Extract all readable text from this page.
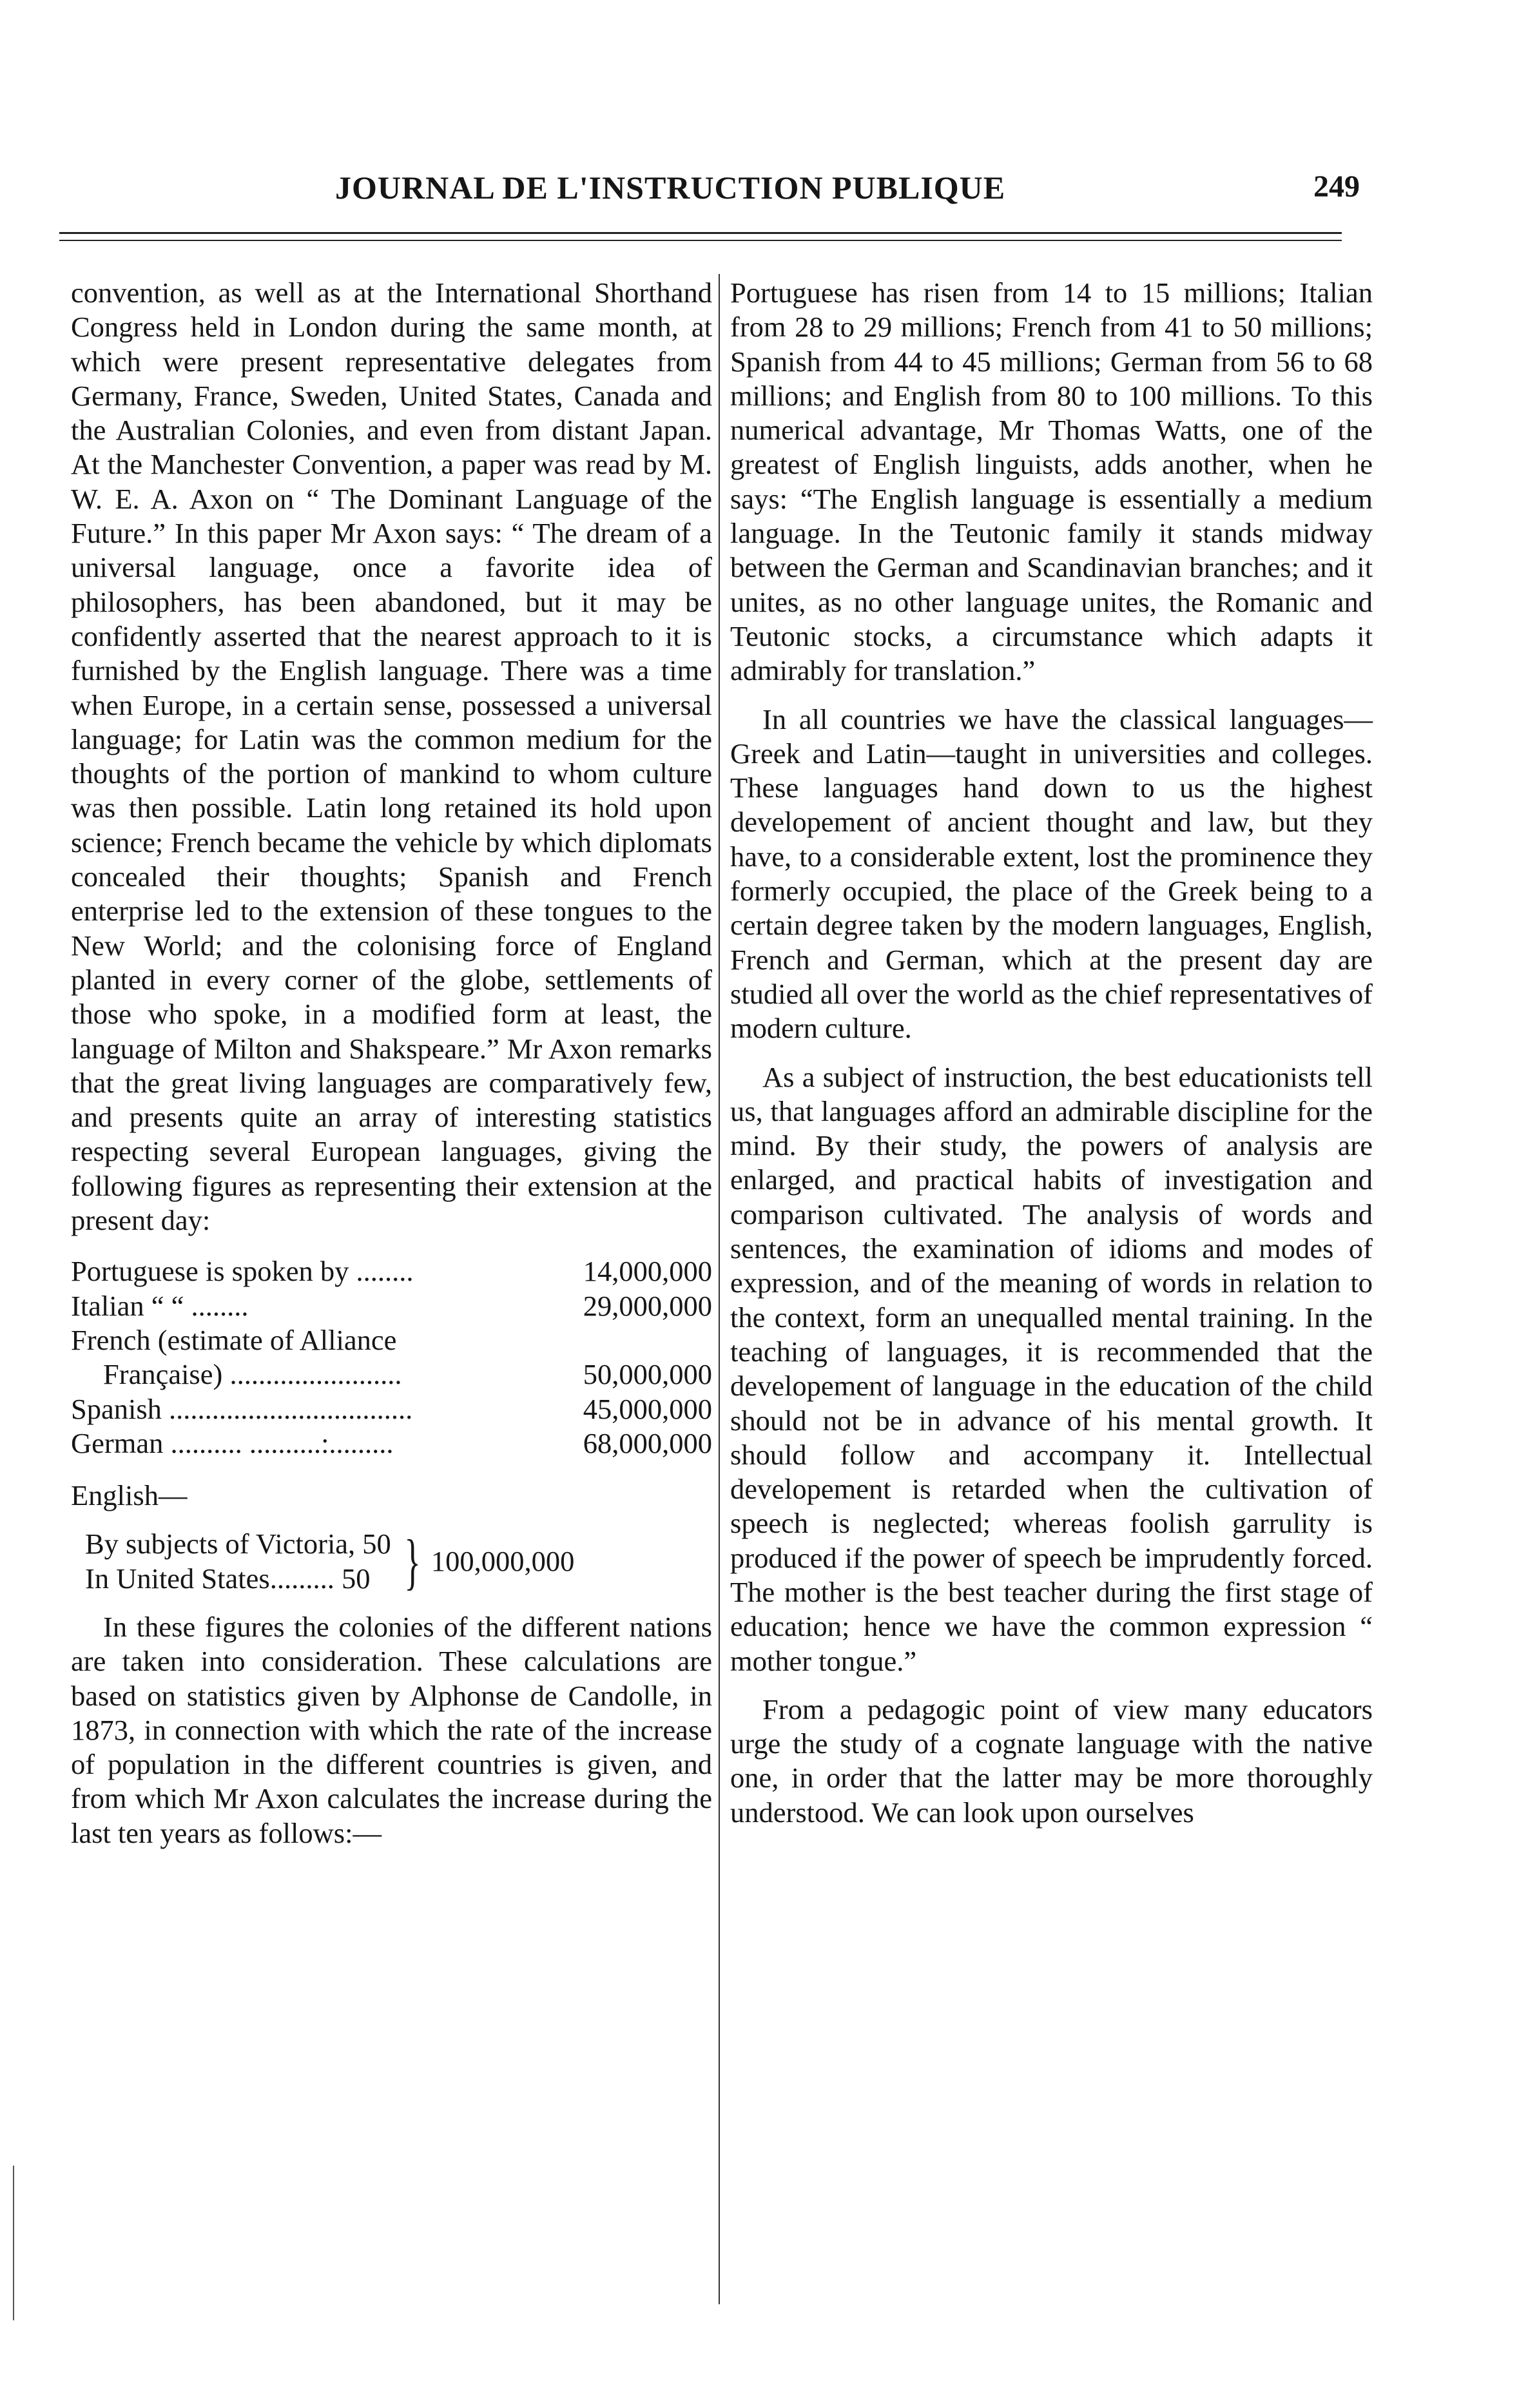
JOURNAL DE L'INSTRUCTION PUBLIQUE	249

convention, as well as at the International Shorthand Congress held in London during the same month, at which were present representative delegates from Germany, France, Sweden, United States, Canada and the Australian Colonies, and even from distant Japan. At the Manchester Convention, a paper was read by M. W. E. A. Axon on “ The Dominant Language of the Future.” In this paper Mr Axon says: “ The dream of a universal language, once a favorite idea of philosophers, has been abandoned, but it may be confidently asserted that the nearest approach to it is furnished by the English language. There was a time when Europe, in a certain sense, possessed a universal language; for Latin was the common medium for the thoughts of the portion of mankind to whom culture was then possible. Latin long retained its hold upon science; French became the vehicle by which diplomats concealed their thoughts; Spanish and French enterprise led to the extension of these tongues to the New World; and the colonising force of England planted in every corner of the globe, settlements of those who spoke, in a modified form at least, the language of Milton and Shakspeare.” Mr Axon remarks that the great living languages are comparatively few, and presents quite an array of interesting statistics respecting several European languages, giving the following figures as representing their extension at the present day:

Portuguese is spoken by ........	14,000,000
Italian “ “ ........	29,000,000
French (estimate of Alliance	
Française) ........................	50,000,000
Spanish ..................................	45,000,000
German .......... ..........:.........	68,000,000

English—

By subjects of Victoria, 50
In United States......... 50 } 100,000,000

In these figures the colonies of the different nations are taken into consideration. These calculations are based on statistics given by Alphonse de Candolle, in 1873, in connection with which the rate of the increase of population in the different countries is given, and from which Mr Axon calculates the increase during the last ten years as follows:—

Portuguese has risen from 14 to 15 millions; Italian from 28 to 29 millions; French from 41 to 50 millions; Spanish from 44 to 45 millions; German from 56 to 68 millions; and English from 80 to 100 millions. To this numerical advantage, Mr Thomas Watts, one of the greatest of English linguists, adds another, when he says: “The English language is essentially a medium language. In the Teutonic family it stands midway between the German and Scandinavian branches; and it unites, as no other language unites, the Romanic and Teutonic stocks, a circumstance which adapts it admirably for translation.”

In all countries we have the classical languages—Greek and Latin—taught in universities and colleges. These languages hand down to us the highest developement of ancient thought and law, but they have, to a considerable extent, lost the prominence they formerly occupied, the place of the Greek being to a certain degree taken by the modern languages, English, French and German, which at the present day are studied all over the world as the chief representatives of modern culture.

As a subject of instruction, the best educationists tell us, that languages afford an admirable discipline for the mind. By their study, the powers of analysis are enlarged, and practical habits of investigation and comparison cultivated. The analysis of words and sentences, the examination of idioms and modes of expression, and of the meaning of words in relation to the context, form an unequalled mental training. In the teaching of languages, it is recommended that the developement of language in the education of the child should not be in advance of his mental growth. It should follow and accompany it. Intellectual developement is retarded when the cultivation of speech is neglected; whereas foolish garrulity is produced if the power of speech be imprudently forced. The mother is the best teacher during the first stage of education; hence we have the common expression “ mother tongue.”

From a pedagogic point of view many educators urge the study of a cognate language with the native one, in order that the latter may be more thoroughly understood. We can look upon ourselves
